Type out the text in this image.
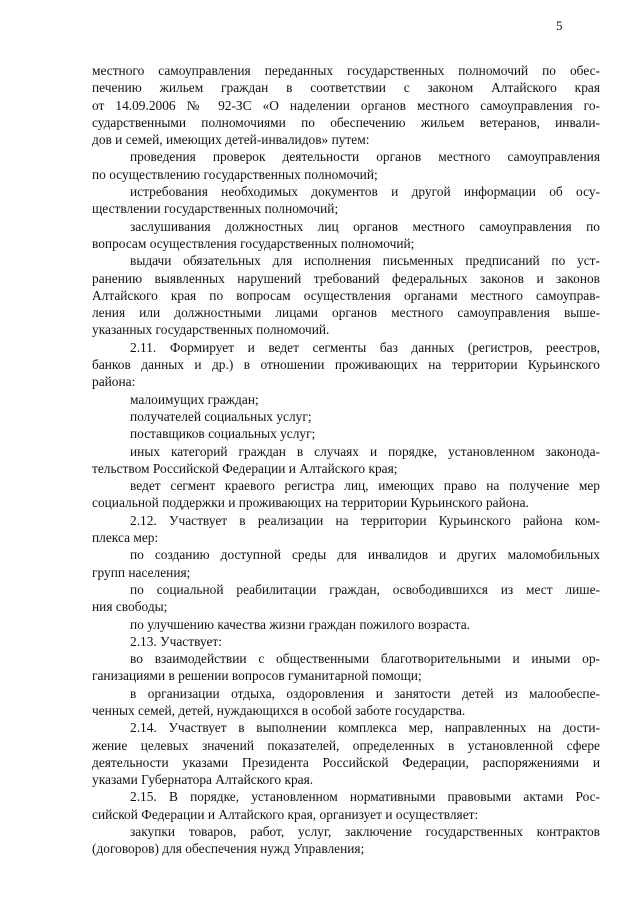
5
местного самоуправления переданных государственных полномочий по обес-
печению жильем граждан в соответствии с законом Алтайского края
от 14.09.2006 № 92-ЗС «О наделении органов местного самоуправления го-
сударственными полномочиями по обеспечению жильем ветеранов, инвали-
дов и семей, имеющих детей-инвалидов» путем:
проведения проверок деятельности органов местного самоуправления
по осуществлению государственных полномочий;
истребования необходимых документов и другой информации об осу-
ществлении государственных полномочий;
заслушивания должностных лиц органов местного самоуправления по
вопросам осуществления государственных полномочий;
выдачи обязательных для исполнения письменных предписаний по уст-
ранению выявленных нарушений требований федеральных законов и законов
Алтайского края по вопросам осуществления органами местного самоуправ-
ления или должностными лицами органов местного самоуправления выше-
указанных государственных полномочий.
2.11. Формирует и ведет сегменты баз данных (регистров, реестров,
банков данных и др.) в отношении проживающих на территории Курьинского
района:
малоимущих граждан;
получателей социальных услуг;
поставщиков социальных услуг;
иных категорий граждан в случаях и порядке, установленном законода-
тельством Российской Федерации и Алтайского края;
ведет сегмент краевого регистра лиц, имеющих право на получение мер
социальной поддержки и проживающих на территории Курьинского района.
2.12. Участвует в реализации на территории Курьинского района ком-
плекса мер:
по созданию доступной среды для инвалидов и других маломобильных
групп населения;
по социальной реабилитации граждан, освободившихся из мест лише-
ния свободы;
по улучшению качества жизни граждан пожилого возраста.
2.13. Участвует:
во взаимодействии с общественными благотворительными и иными ор-
ганизациями в решении вопросов гуманитарной помощи;
в организации отдыха, оздоровления и занятости детей из малообеспе-
ченных семей, детей, нуждающихся в особой заботе государства.
2.14. Участвует в выполнении комплекса мер, направленных на дости-
жение целевых значений показателей, определенных в установленной сфере
деятельности указами Президента Российской Федерации, распоряжениями и
указами Губернатора Алтайского края.
2.15. В порядке, установленном нормативными правовыми актами Рос-
сийской Федерации и Алтайского края, организует и осуществляет:
закупки товаров, работ, услуг, заключение государственных контрактов
(договоров) для обеспечения нужд Управления;
